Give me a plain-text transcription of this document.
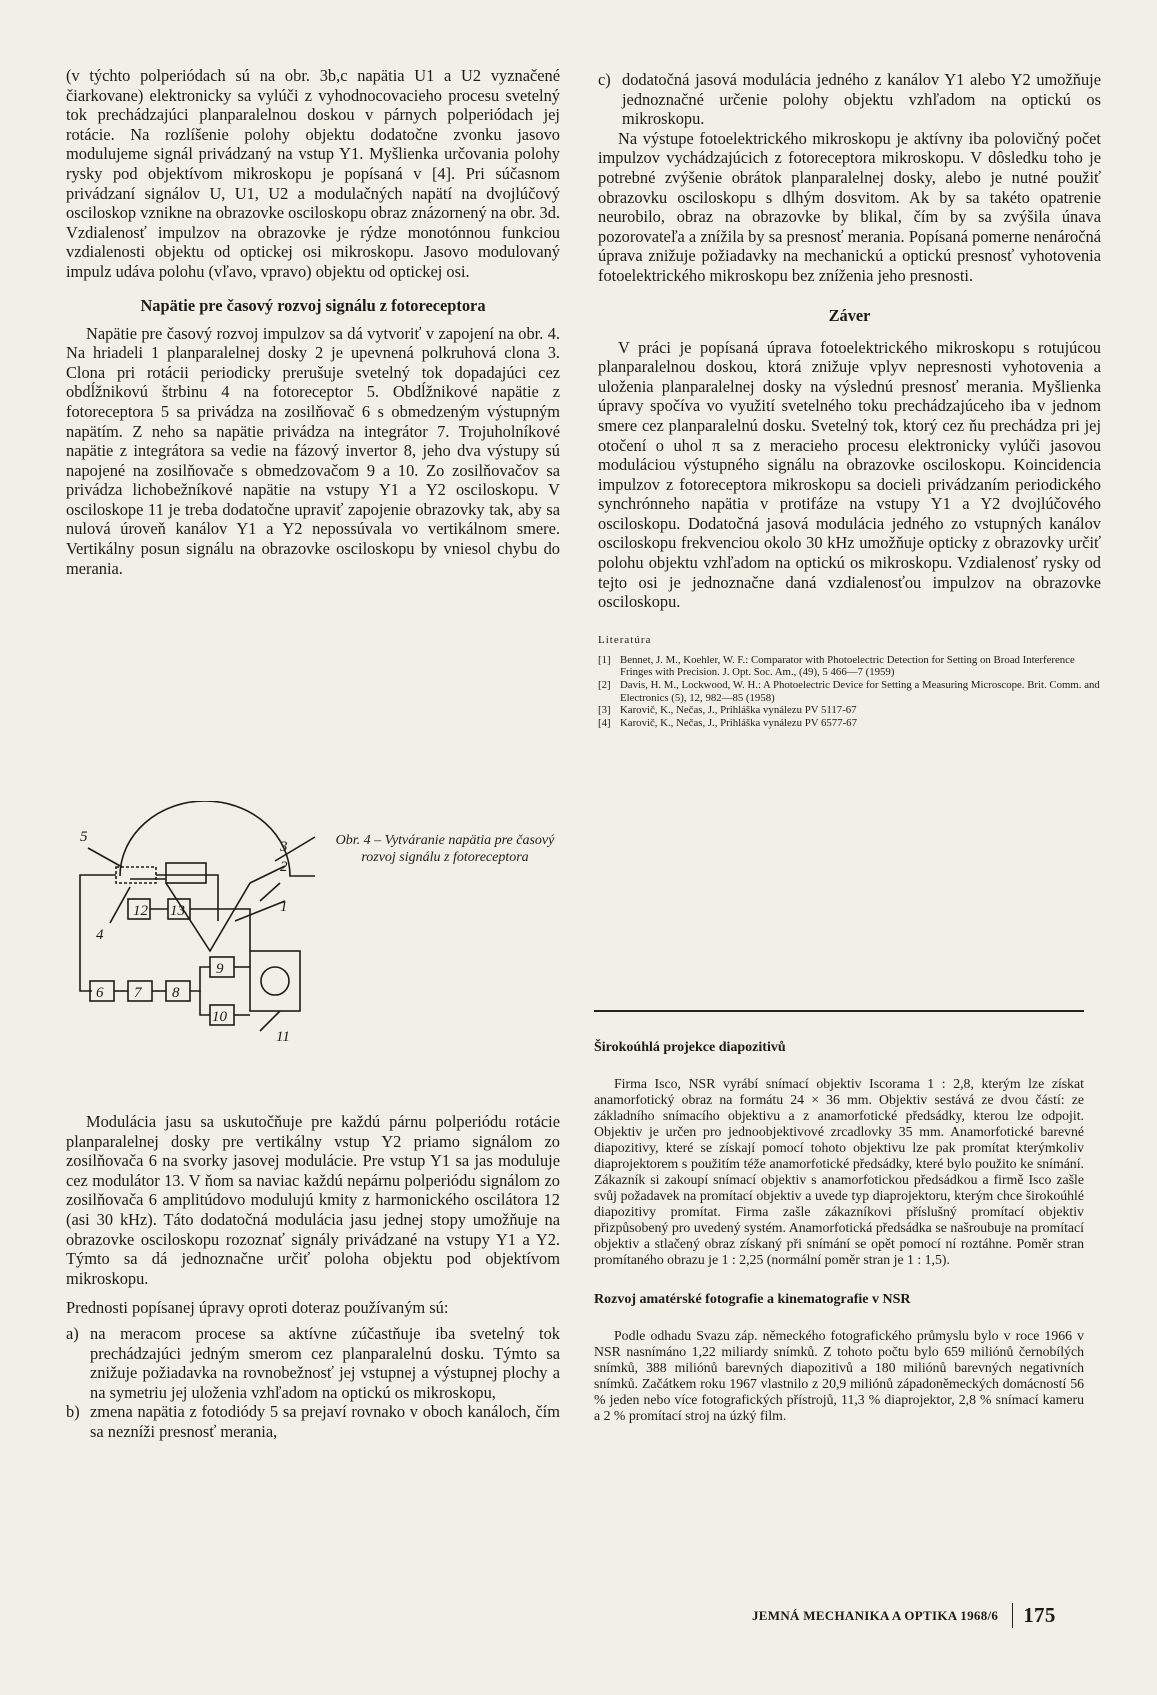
(v týchto polperiódach sú na obr. 3b,c napätia U1 a U2 vyznačené čiarkovane) elektronicky sa vylúči z vyhodnocovacieho procesu svetelný tok prechádzajúci planparalelnou doskou v párnych polperiódach jej rotácie. Na rozlíšenie polohy objektu dodatočne zvonku jasovo modulujeme signál privádzaný na vstup Y1. Myšlienka určovania polohy rysky pod objektívom mikroskopu je popísaná v [4]. Pri súčasnom privádzaní signálov U, U1, U2 a modulačných napätí na dvojlúčový osciloskop vznikne na obrazovke osciloskopu obraz znázornený na obr. 3d. Vzdialenosť impulzov na obrazovke je rýdze monotónnou funkciou vzdialenosti objektu od optickej osi mikroskopu. Jasovo modulovaný impulz udáva polohu (vľavo, vpravo) objektu od optickej osi.

Napätie pre časový rozvoj signálu z fotoreceptora

Napätie pre časový rozvoj impulzov sa dá vytvoriť v zapojení na obr. 4. Na hriadeli 1 planparalelnej dosky 2 je upevnená polkruhová clona 3. Clona pri rotácii periodicky prerušuje svetelný tok dopadajúci cez obdĺžnikovú štrbinu 4 na fotoreceptor 5. Obdĺžnikové napätie z fotoreceptora 5 sa privádza na zosilňovač 6 s obmedzeným výstupným napätím. Z neho sa napätie privádza na integrátor 7. Trojuholníkové napätie z integrátora sa vedie na fázový invertor 8, jeho dva výstupy sú napojené na zosilňovače s obmedzovačom 9 a 10. Zo zosilňovačov sa privádza lichobežníkové napätie na vstupy Y1 a Y2 osciloskopu. V osciloskope 11 je treba dodatočne upraviť zapojenie obrazovky tak, aby sa nulová úroveň kanálov Y1 a Y2 nepossúvala vo vertikálnom smere. Vertikálny posun signálu na obrazovke osciloskopu by vniesol chybu do merania.

3
2
1
5
4
12 13
6 7 8
9
10
11
Obr. 4 – Vytváranie napätia pre časový rozvoj signálu z fotoreceptora

Modulácia jasu sa uskutočňuje pre každú párnu polperiódu rotácie planparalelnej dosky pre vertikálny vstup Y2 priamo signálom zo zosilňovača 6 na svorky jasovej modulácie. Pre vstup Y1 sa jas moduluje cez modulátor 13. V ňom sa naviac každú nepárnu polperiódu signálom zo zosilňovača 6 amplitúdovo modulujú kmity z harmonického oscilátora 12 (asi 30 kHz). Táto dodatočná modulácia jasu jednej stopy umožňuje na obrazovke osciloskopu rozoznať signály privádzané na vstupy Y1 a Y2. Týmto sa dá jednoznačne určiť poloha objektu pod objektívom mikroskopu.

Prednosti popísanej úpravy oproti doteraz používaným sú:

a) na meracom procese sa aktívne zúčastňuje iba svetelný tok prechádzajúci jedným smerom cez planparalelnú dosku. Týmto sa znižuje požiadavka na rovnobežnosť jej vstupnej a výstupnej plochy a na symetriu jej uloženia vzhľadom na optickú os mikroskopu,
b) zmena napätia z fotodiódy 5 sa prejaví rovnako v oboch kanáloch, čím sa nezníži presnosť merania,
c) dodatočná jasová modulácia jedného z kanálov Y1 alebo Y2 umožňuje jednoznačné určenie polohy objektu vzhľadom na optickú os mikroskopu.

Na výstupe fotoelektrického mikroskopu je aktívny iba polovičný počet impulzov vychádzajúcich z fotoreceptora mikroskopu. V dôsledku toho je potrebné zvýšenie obrátok planparalelnej dosky, alebo je nutné použiť obrazovku osciloskopu s dlhým dosvitom. Ak by sa takéto opatrenie neurobilo, obraz na obrazovke by blikal, čím by sa zvýšila únava pozorovateľa a znížila by sa presnosť merania. Popísaná pomerne nenáročná úprava znižuje požiadavky na mechanickú a optickú presnosť vyhotovenia fotoelektrického mikroskopu bez zníženia jeho presnosti.

Záver

V práci je popísaná úprava fotoelektrického mikroskopu s rotujúcou planparalelnou doskou, ktorá znižuje vplyv nepresnosti vyhotovenia a uloženia planparalelnej dosky na výslednú presnosť merania. Myšlienka úpravy spočíva vo využití svetelného toku prechádzajúceho iba v jednom smere cez planparalelnú dosku. Svetelný tok, ktorý cez ňu prechádza pri jej otočení o uhol π sa z meracieho procesu elektronicky vylúči jasovou moduláciou výstupného signálu na obrazovke osciloskopu. Koincidencia impulzov z fotoreceptora mikroskopu sa docieli privádzaním periodického synchrónneho napätia v protifáze na vstupy Y1 a Y2 dvojlúčového osciloskopu. Dodatočná jasová modulácia jedného zo vstupných kanálov osciloskopu frekvenciou okolo 30 kHz umožňuje opticky z obrazovky určiť polohu objektu vzhľadom na optickú os mikroskopu. Vzdialenosť rysky od tejto osi je jednoznačne daná vzdialenosťou impulzov na obrazovke osciloskopu.

Literatúra
[1] Bennet, J. M., Koehler, W. F.: Comparator with Photoelectric Detection for Setting on Broad Interference Fringes with Precision. J. Opt. Soc. Am., (49), 5 466—7 (1959)
[2] Davis, H. M., Lockwood, W. H.: A Photoelectric Device for Setting a Measuring Microscope. Brit. Comm. and Electronics (5), 12, 982—85 (1958)
[3] Karovič, K., Nečas, J., Prihláška vynálezu PV 5117-67
[4] Karovič, K., Nečas, J., Prihláška vynálezu PV 6577-67
Širokoúhlá projekce diapozitivů

Firma Isco, NSR vyrábí snímací objektiv Iscorama 1 : 2,8, kterým lze získat anamorfotický obraz na formátu 24 × 36 mm. Objektiv sestává ze dvou částí: ze základního snímacího objektivu a z anamorfotické předsádky, kterou lze odpojit. Objektiv je určen pro jednoobjektivové zrcadlovky 35 mm. Anamorfotické barevné diapozitivy, které se získají pomocí tohoto objektivu lze pak promítat kterýmkoliv diaprojektorem s použitím téže anamorfotické předsádky, které bylo použito ke snímání. Zákazník si zakoupí snímací objektiv s anamorfotickou předsádkou a firmě Isco zašle svůj požadavek na promítací objektiv a uvede typ diaprojektoru, kterým chce širokoúhlé diapozitivy promítat. Firma zašle zákazníkovi příslušný promítací objektiv přizpůsobený pro uvedený systém. Anamorfotická předsádka se našroubuje na promítací objektiv a stlačený obraz získaný při snímání se opět pomocí ní roztáhne. Poměr stran promítaného obrazu je 1 : 2,25 (normální poměr stran je 1 : 1,5).

Rozvoj amatérské fotografie a kinematografie v NSR

Podle odhadu Svazu záp. německého fotografického průmyslu bylo v roce 1966 v NSR nasnímáno 1,22 miliardy snímků. Z tohoto počtu bylo 659 miliónů černobílých snímků, 388 miliónů barevných diapozitivů a 180 miliónů barevných negativních snímků. Začátkem roku 1967 vlastnilo z 20,9 miliónů západoněmeckých domácností 56 % jeden nebo více fotografických přístrojů, 11,3 % diaprojektor, 2,8 % snímací kameru a 2 % promítací stroj na úzký film.

JEMNÁ MECHANIKA A OPTIKA 1968/6	175
